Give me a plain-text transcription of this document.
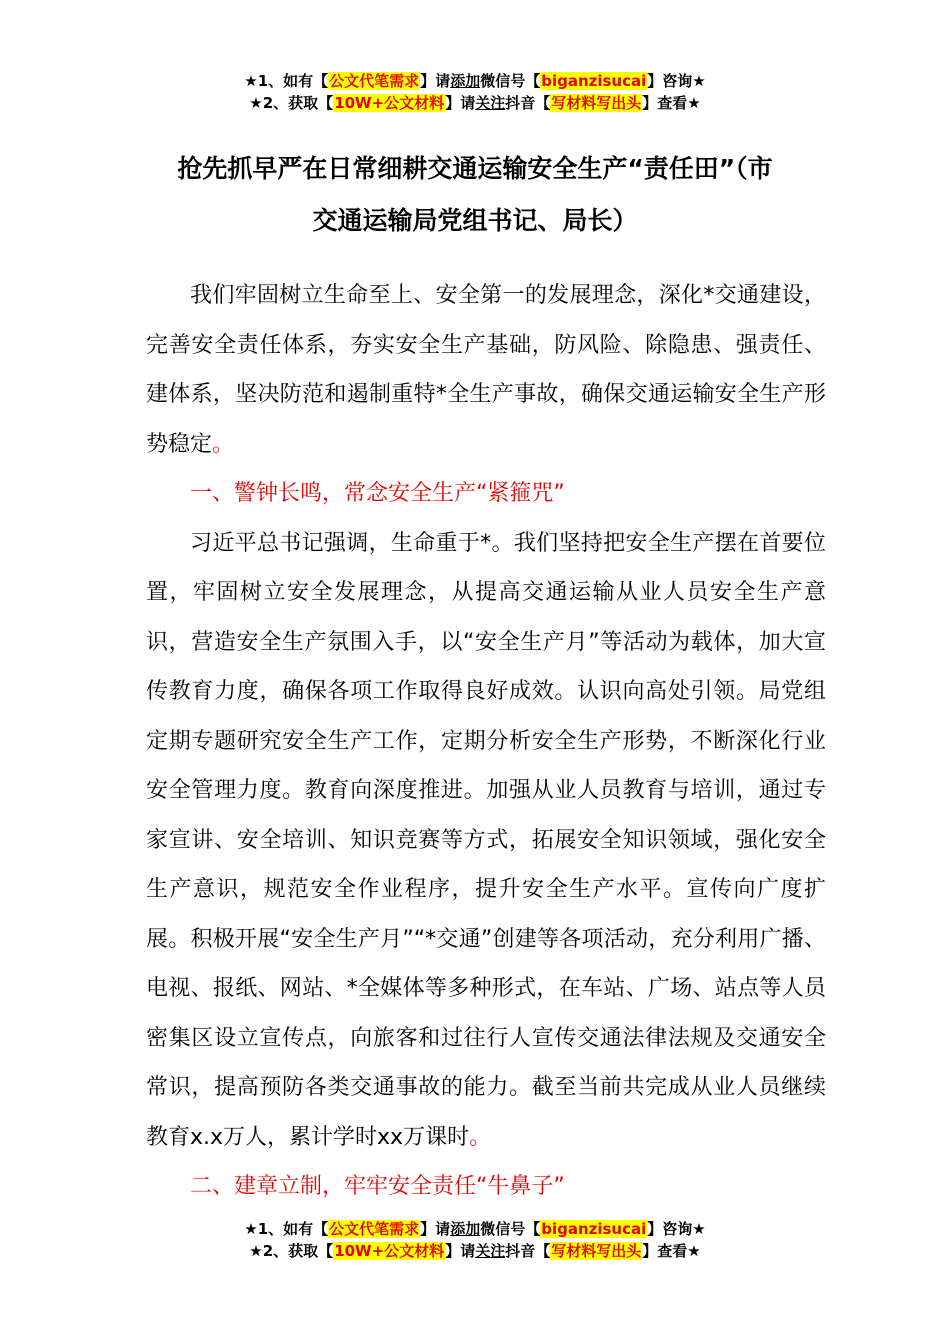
★1、如有【公文代笔需求】请添加微信号【biganzisucai】咨询★
★2、获取【10W+公文材料】请关注抖音【写材料写出头】查看★
抢先抓早严在日常细耕交通运输安全生产“责任田”（市
交通运输局党组书记、局长）

我们牢固树立生命至上、安全第一的发展理念，深化*交通建设，完善安全责任体系，夯实安全生产基础，防风险、除隐患、强责任、建体系，坚决防范和遏制重特*全生产事故，确保交通运输安全生产形势稳定。

一、警钟长鸣，常念安全生产“紧箍咒”

习近平总书记强调，生命重于*。我们坚持把安全生产摆在首要位置，牢固树立安全发展理念，从提高交通运输从业人员安全生产意识，营造安全生产氛围入手，以“安全生产月”等活动为载体，加大宣传教育力度，确保各项工作取得良好成效。认识向高处引领。局党组定期专题研究安全生产工作，定期分析安全生产形势，不断深化行业安全管理力度。教育向深度推进。加强从业人员教育与培训，通过专家宣讲、安全培训、知识竞赛等方式，拓展安全知识领域，强化安全生产意识，规范安全作业程序，提升安全生产水平。宣传向广度扩展。积极开展“安全生产月”“*交通”创建等各项活动，充分利用广播、电视、报纸、网站、*全媒体等多种形式，在车站、广场、站点等人员密集区设立宣传点，向旅客和过往行人宣传交通法律法规及交通安全常识，提高预防各类交通事故的能力。截至当前共完成从业人员继续教育x.x万人，累计学时xx万课时。

二、建章立制，牢牢安全责任“牛鼻子”

★1、如有【公文代笔需求】请添加微信号【biganzisucai】咨询★
★2、获取【10W+公文材料】请关注抖音【写材料写出头】查看★
